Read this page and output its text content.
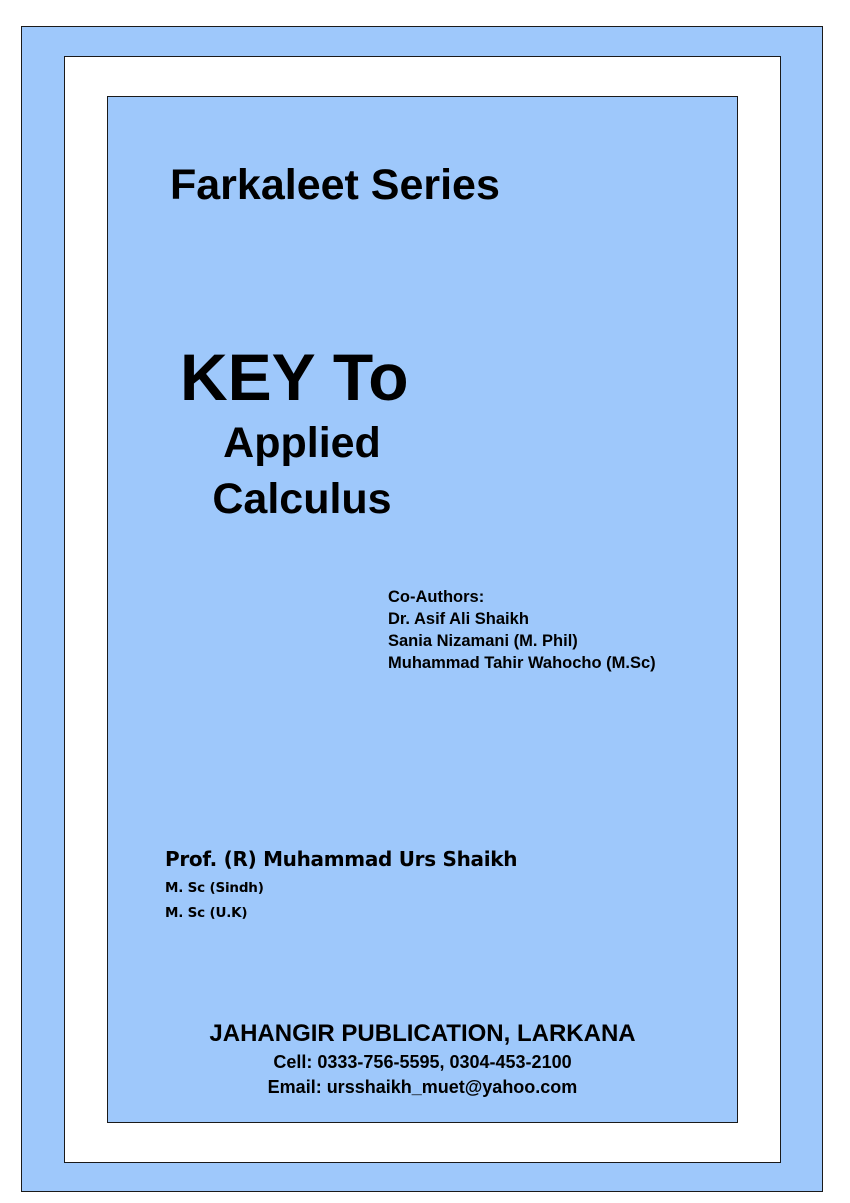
Farkaleet Series
KEY To
Applied
Calculus
Co-Authors:
Dr. Asif Ali Shaikh
Sania Nizamani (M. Phil)
Muhammad Tahir Wahocho (M.Sc)
Prof. (R) Muhammad Urs Shaikh
M. Sc (Sindh)
M. Sc (U.K)
JAHANGIR PUBLICATION, LARKANA
Cell: 0333-756-5595, 0304-453-2100
Email: ursshaikh_muet@yahoo.com
